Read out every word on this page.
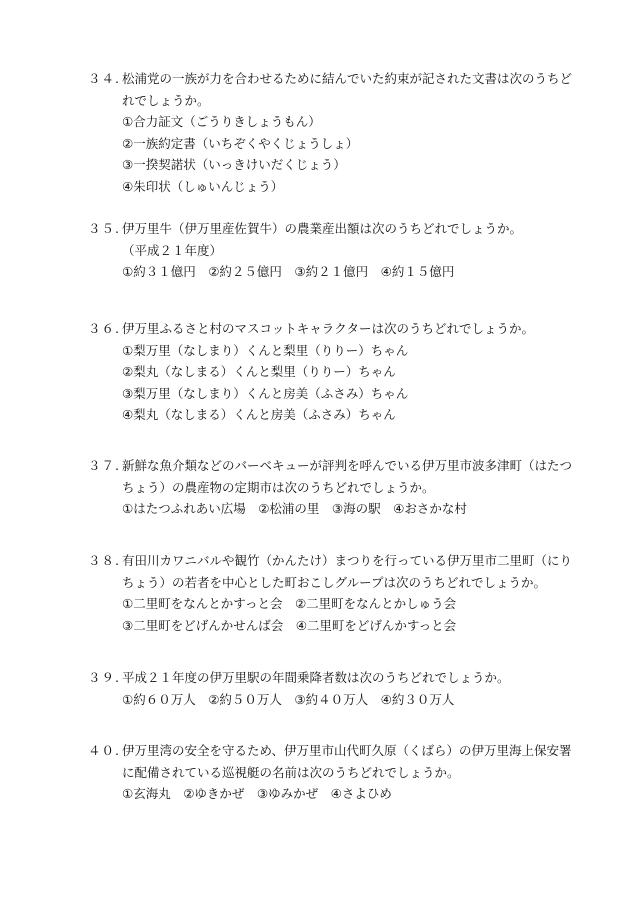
３４. 松浦党の一族が力を合わせるために結んでいた約束が記された文書は次のうちど
れでしょうか。
①合力証文（ごうりきしょうもん）
②一族約定書（いちぞくやくじょうしょ）
③一揆契諾状（いっきけいだくじょう）
④朱印状（しゅいんじょう）
３５. 伊万里牛（伊万里産佐賀牛）の農業産出額は次のうちどれでしょうか。
（平成２１年度）
①約３１億円　②約２５億円　③約２１億円　④約１５億円
３６. 伊万里ふるさと村のマスコットキャラクターは次のうちどれでしょうか。
①梨万里（なしまり）くんと梨里（りりー）ちゃん
②梨丸（なしまる）くんと梨里（りりー）ちゃん
③梨万里（なしまり）くんと房美（ふさみ）ちゃん
④梨丸（なしまる）くんと房美（ふさみ）ちゃん
３７. 新鮮な魚介類などのバーベキューが評判を呼んでいる伊万里市波多津町（はたつ
ちょう）の農産物の定期市は次のうちどれでしょうか。
①はたつふれあい広場　②松浦の里　③海の駅　④おさかな村
３８. 有田川カワニバルや観竹（かんたけ）まつりを行っている伊万里市二里町（にり
ちょう）の若者を中心とした町おこしグループは次のうちどれでしょうか。
①二里町をなんとかすっと会　②二里町をなんとかしゅう会
③二里町をどげんかせんば会　④二里町をどげんかすっと会
３９. 平成２１年度の伊万里駅の年間乗降者数は次のうちどれでしょうか。
①約６０万人　②約５０万人　③約４０万人　④約３０万人
４０. 伊万里湾の安全を守るため、伊万里市山代町久原（くばら）の伊万里海上保安署
に配備されている巡視艇の名前は次のうちどれでしょうか。
①玄海丸　②ゆきかぜ　③ゆみかぜ　④さよひめ
